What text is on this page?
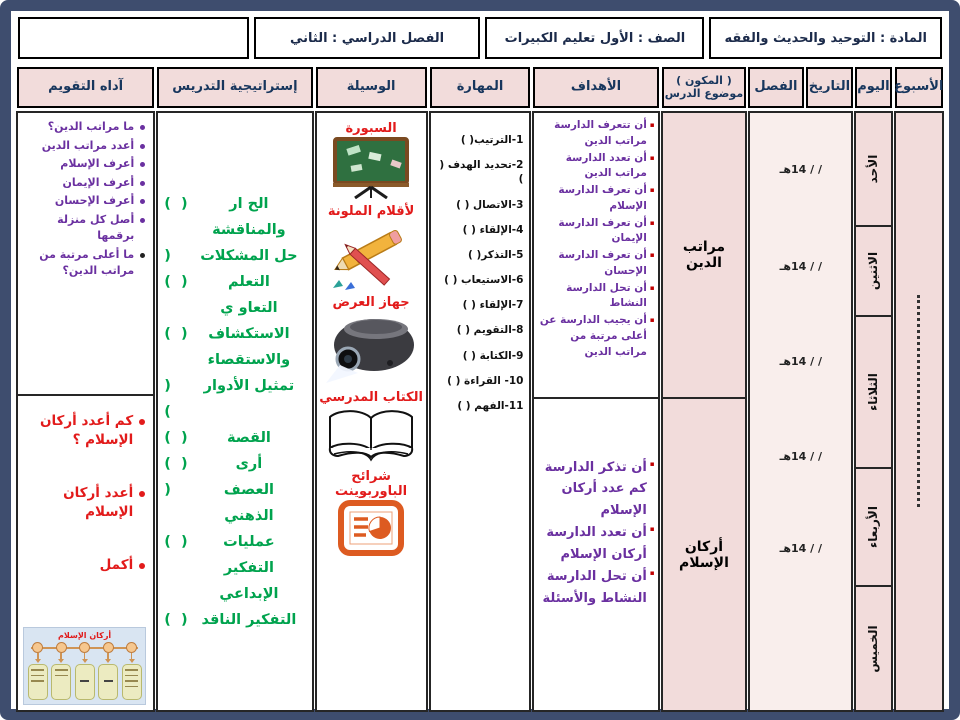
المادة : التوحيد والحديث والفقه
الصف : الأول تعليم الكبيرات
الفصل الدراسي : الثاني
الأسبوع
اليوم
الأحد
الاثنين
الثلاثاء
الأربعاء
الخميس
التاريخ
الفصل
/ / 14هـ
/ / 14هـ
/ / 14هـ
/ / 14هـ
/ / 14هـ
( المكون )
موضوع الدرس
مراتب الدين
أركان الإسلام
الأهداف
▪
أن تتعرف الدارسة مراتب الدين
▪
أن تعدد الدارسة مراتب الدين
▪
أن تعرف الدارسة الإسلام
▪
أن تعرف الدارسة الإيمان
▪
أن تعرف الدارسة الإحسان
▪
أن تحل الدارسة النشاط
▪
أن يجيب الدارسة عن أعلى مرتبة من مراتب الدين
▪
أن تذكر الدارسة كم عدد أركان الإسلام
▪
أن تعدد الدارسة أركان الإسلام
▪
أن تحل الدارسة النشاط والأسئلة
المهارة
1-الترتيب( )
2-تحديد الهدف ( )
3-الاتصال ( )
4-الإلقاء ( )
5-التذكر( )
6-الاستيعاب ( )
7-الإلقاء ( )
8-التقويم ( )
9-الكتابة ( )
10- القراءة ( )
11-الفهم ( )
الوسيلة
السبورة
لأقلام الملونة
جهاز العرض
الكتاب المدرسي
شرائح الباوربوينت
إستراتيجية التدريس
الح ار
(  )
والمناقشة
حل المشكلات
(
التعلم
(  )
التعاو ي
الاستكشاف
(  )
والاستقصاء
تمثيل الأدوار
(
)
القصة
(  )
أرى
(  )
العصف
(
الذهني
عمليات
(  )
التفكير
الإبداعي
التفكير الناقد
(  )
آداه التقويم
ما مراتب الدين؟
أعدد مراتب الدين
أعرف الإسلام
أعرف الإيمان
أعرف الإحسان
أصل كل منزلة برقمها
ما أعلى مرتبة من مراتب الدين؟
كم أعدد أركان الإسلام ؟
أعدد أركان الإسلام
أكمل
أركان الإسلام
